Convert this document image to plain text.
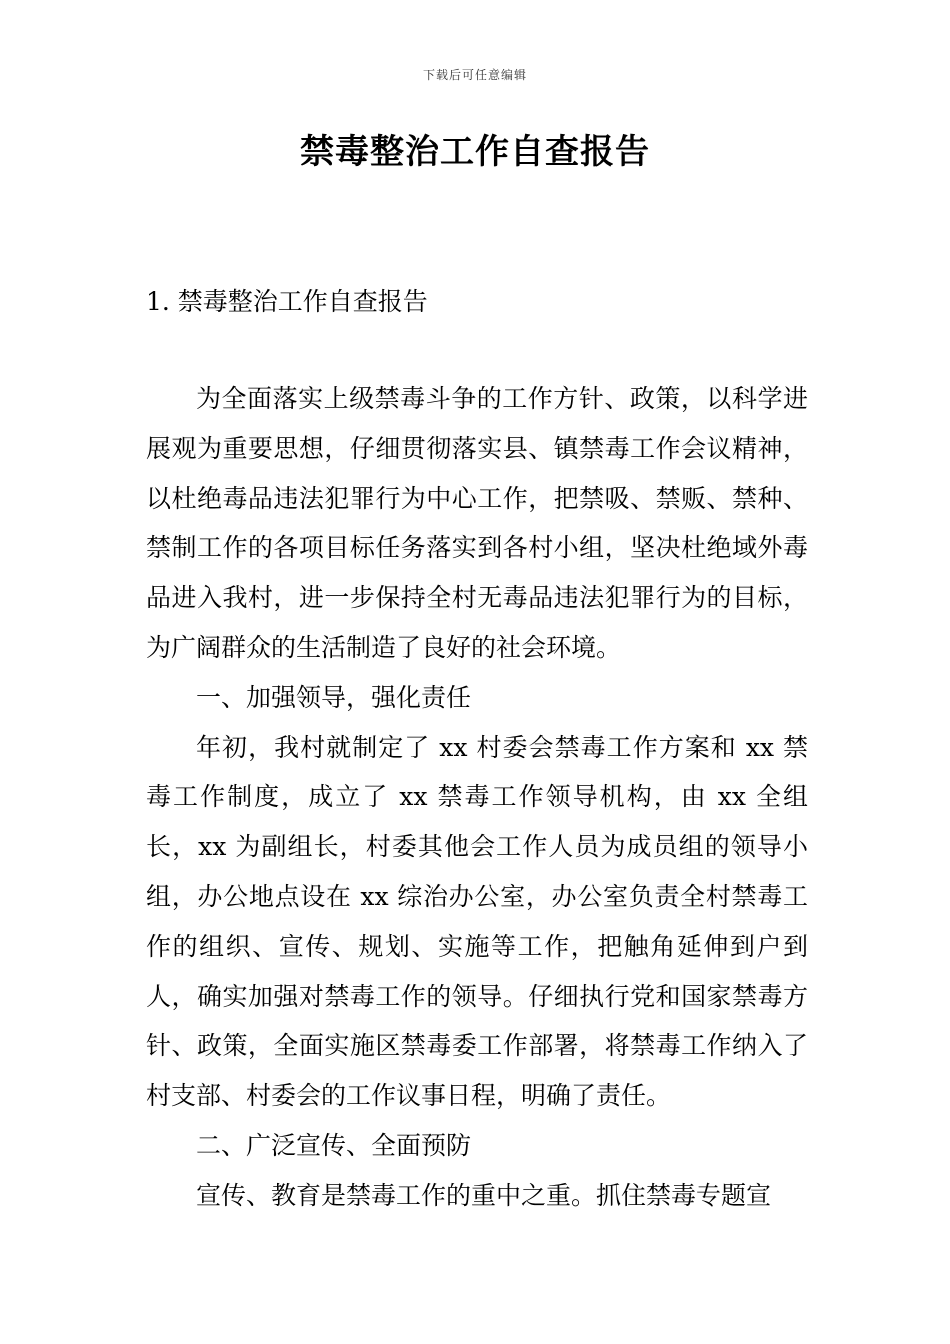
下载后可任意编辑
禁毒整治工作自查报告
1. 禁毒整治工作自查报告

为全面落实上级禁毒斗争的工作方针、政策，以科学进展观为重要思想，仔细贯彻落实县、镇禁毒工作会议精神，以杜绝毒品违法犯罪行为中心工作，把禁吸、禁贩、禁种、禁制工作的各项目标任务落实到各村小组，坚决杜绝域外毒品进入我村，进一步保持全村无毒品违法犯罪行为的目标，为广阔群众的生活制造了良好的社会环境。

一、加强领导，强化责任

年初，我村就制定了 xx 村委会禁毒工作方案和 xx 禁毒工作制度，成立了 xx 禁毒工作领导机构，由 xx 全组长，xx 为副组长，村委其他会工作人员为成员组的领导小组，办公地点设在 xx 综治办公室，办公室负责全村禁毒工作的组织、宣传、规划、实施等工作，把触角延伸到户到人，确实加强对禁毒工作的领导。仔细执行党和国家禁毒方针、政策，全面实施区禁毒委工作部署，将禁毒工作纳入了村支部、村委会的工作议事日程，明确了责任。

二、广泛宣传、全面预防

宣传、教育是禁毒工作的重中之重。抓住禁毒专题宣
